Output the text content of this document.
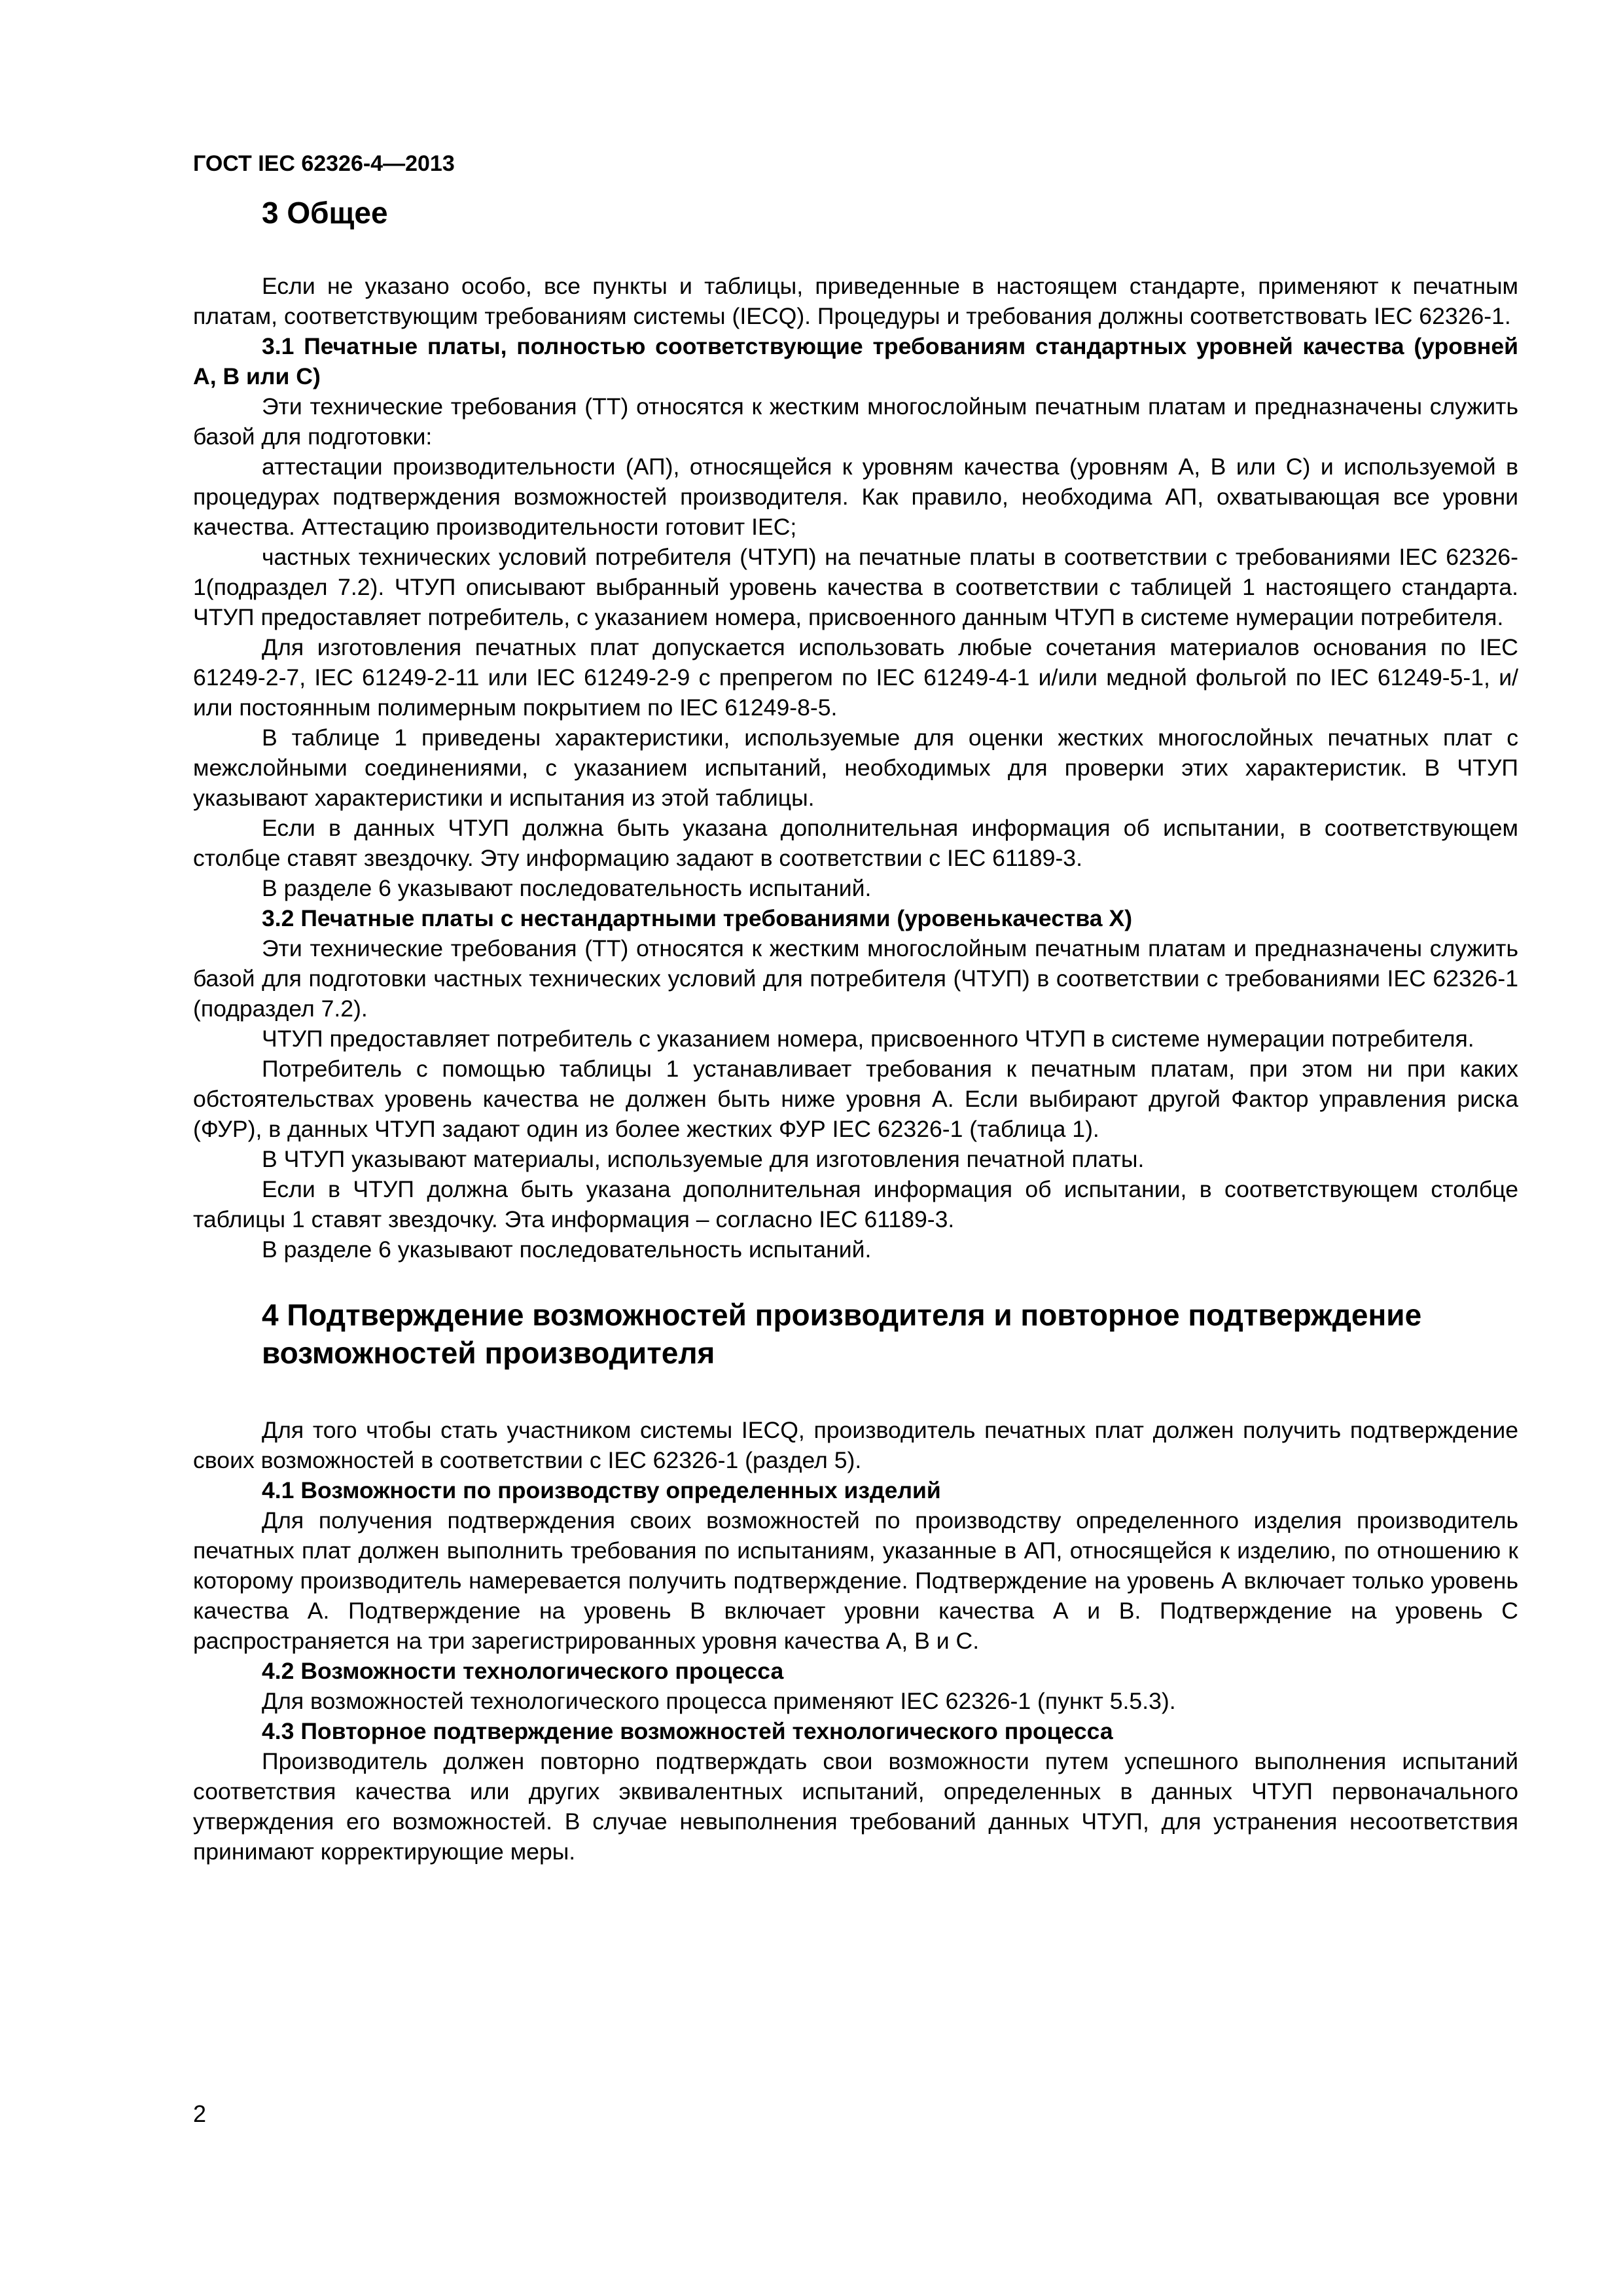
ГОСТ IEC 62326-4—2013
3 Общее

Если не указано особо, все пункты и таблицы, приведенные в настоящем стандарте, применяют к печатным платам, соответствующим требованиям системы (IECQ). Процедуры и требования должны соответствовать IEC 62326-1.

3.1 Печатные платы, полностью соответствующие требованиям стандартных уровней качества (уровней А, В или С)

Эти технические требования (ТТ) относятся к жестким многослойным печатным платам и предназначены служить базой для подготовки:

аттестации производительности (АП), относящейся к уровням качества (уровням А, В или С) и используемой в процедурах подтверждения возможностей производителя. Как правило, необходима АП, охватывающая все уровни качества. Аттестацию производительности готовит IEC;

частных технических условий потребителя (ЧТУП) на печатные платы в соответствии с требованиями IEC 62326-1(подраздел 7.2). ЧТУП описывают выбранный уровень качества в соответствии с таблицей 1 настоящего стандарта. ЧТУП предоставляет потребитель, с указанием номера, присвоенного данным ЧТУП в системе нумерации потребителя.

Для изготовления печатных плат допускается использовать любые сочетания материалов основания по IEC 61249-2-7, IEC 61249-2-11 или IEC 61249-2-9 с препрегом по IEC 61249-4-1 и/или медной фольгой по IEC 61249-5-1, и/или постоянным полимерным покрытием по IEC 61249-8-5.

В таблице 1 приведены характеристики, используемые для оценки жестких многослойных печатных плат с межслойными соединениями, с указанием испытаний, необходимых для проверки этих характеристик. В ЧТУП указывают характеристики и испытания из этой таблицы.

Если в данных ЧТУП должна быть указана дополнительная информация об испытании, в соответствующем столбце ставят звездочку. Эту информацию задают в соответствии с IEC 61189-3.

В разделе 6 указывают последовательность испытаний.

3.2 Печатные платы с нестандартными требованиями (уровенькачества Х)

Эти технические требования (ТТ) относятся к жестким многослойным печатным платам и предназначены служить базой для подготовки частных технических условий для потребителя (ЧТУП) в соответствии с требованиями IEC 62326-1 (подраздел 7.2).

ЧТУП предоставляет потребитель с указанием номера, присвоенного ЧТУП в системе нумерации потребителя.

Потребитель с помощью таблицы 1 устанавливает требования к печатным платам, при этом ни при каких обстоятельствах уровень качества не должен быть ниже уровня А. Если выбирают другой Фактор управления риска (ФУР), в данных ЧТУП задают один из более жестких ФУР IEC 62326-1 (таблица 1).

В ЧТУП указывают материалы, используемые для изготовления печатной платы.

Если в ЧТУП должна быть указана дополнительная информация об испытании, в соответствующем столбце таблицы 1 ставят звездочку. Эта информация – согласно IEC 61189-3.

В разделе 6 указывают последовательность испытаний.

4 Подтверждение возможностей производителя и повторное подтверждение возможностей производителя

Для того чтобы стать участником системы IECQ, производитель печатных плат должен получить подтверждение своих возможностей в соответствии с IEC 62326-1 (раздел 5).

4.1 Возможности по производству определенных изделий

Для получения подтверждения своих возможностей по производству определенного изделия производитель печатных плат должен выполнить требования по испытаниям, указанные в АП, относящейся к изделию, по отношению к которому производитель намеревается получить подтверждение. Подтверждение на уровень А включает только уровень качества А. Подтверждение на уровень В включает уровни качества А и В. Подтверждение на уровень С распространяется на три зарегистрированных уровня качества А, В и С.

4.2 Возможности технологического процесса

Для возможностей технологического процесса применяют IEC 62326-1 (пункт 5.5.3).

4.3 Повторное подтверждение возможностей технологического процесса

Производитель должен повторно подтверждать свои возможности путем успешного выполнения испытаний соответствия качества или других эквивалентных испытаний, определенных в данных ЧТУП первоначального утверждения его возможностей. В случае невыполнения требований данных ЧТУП, для устранения несоответствия принимают корректирующие меры.

2
